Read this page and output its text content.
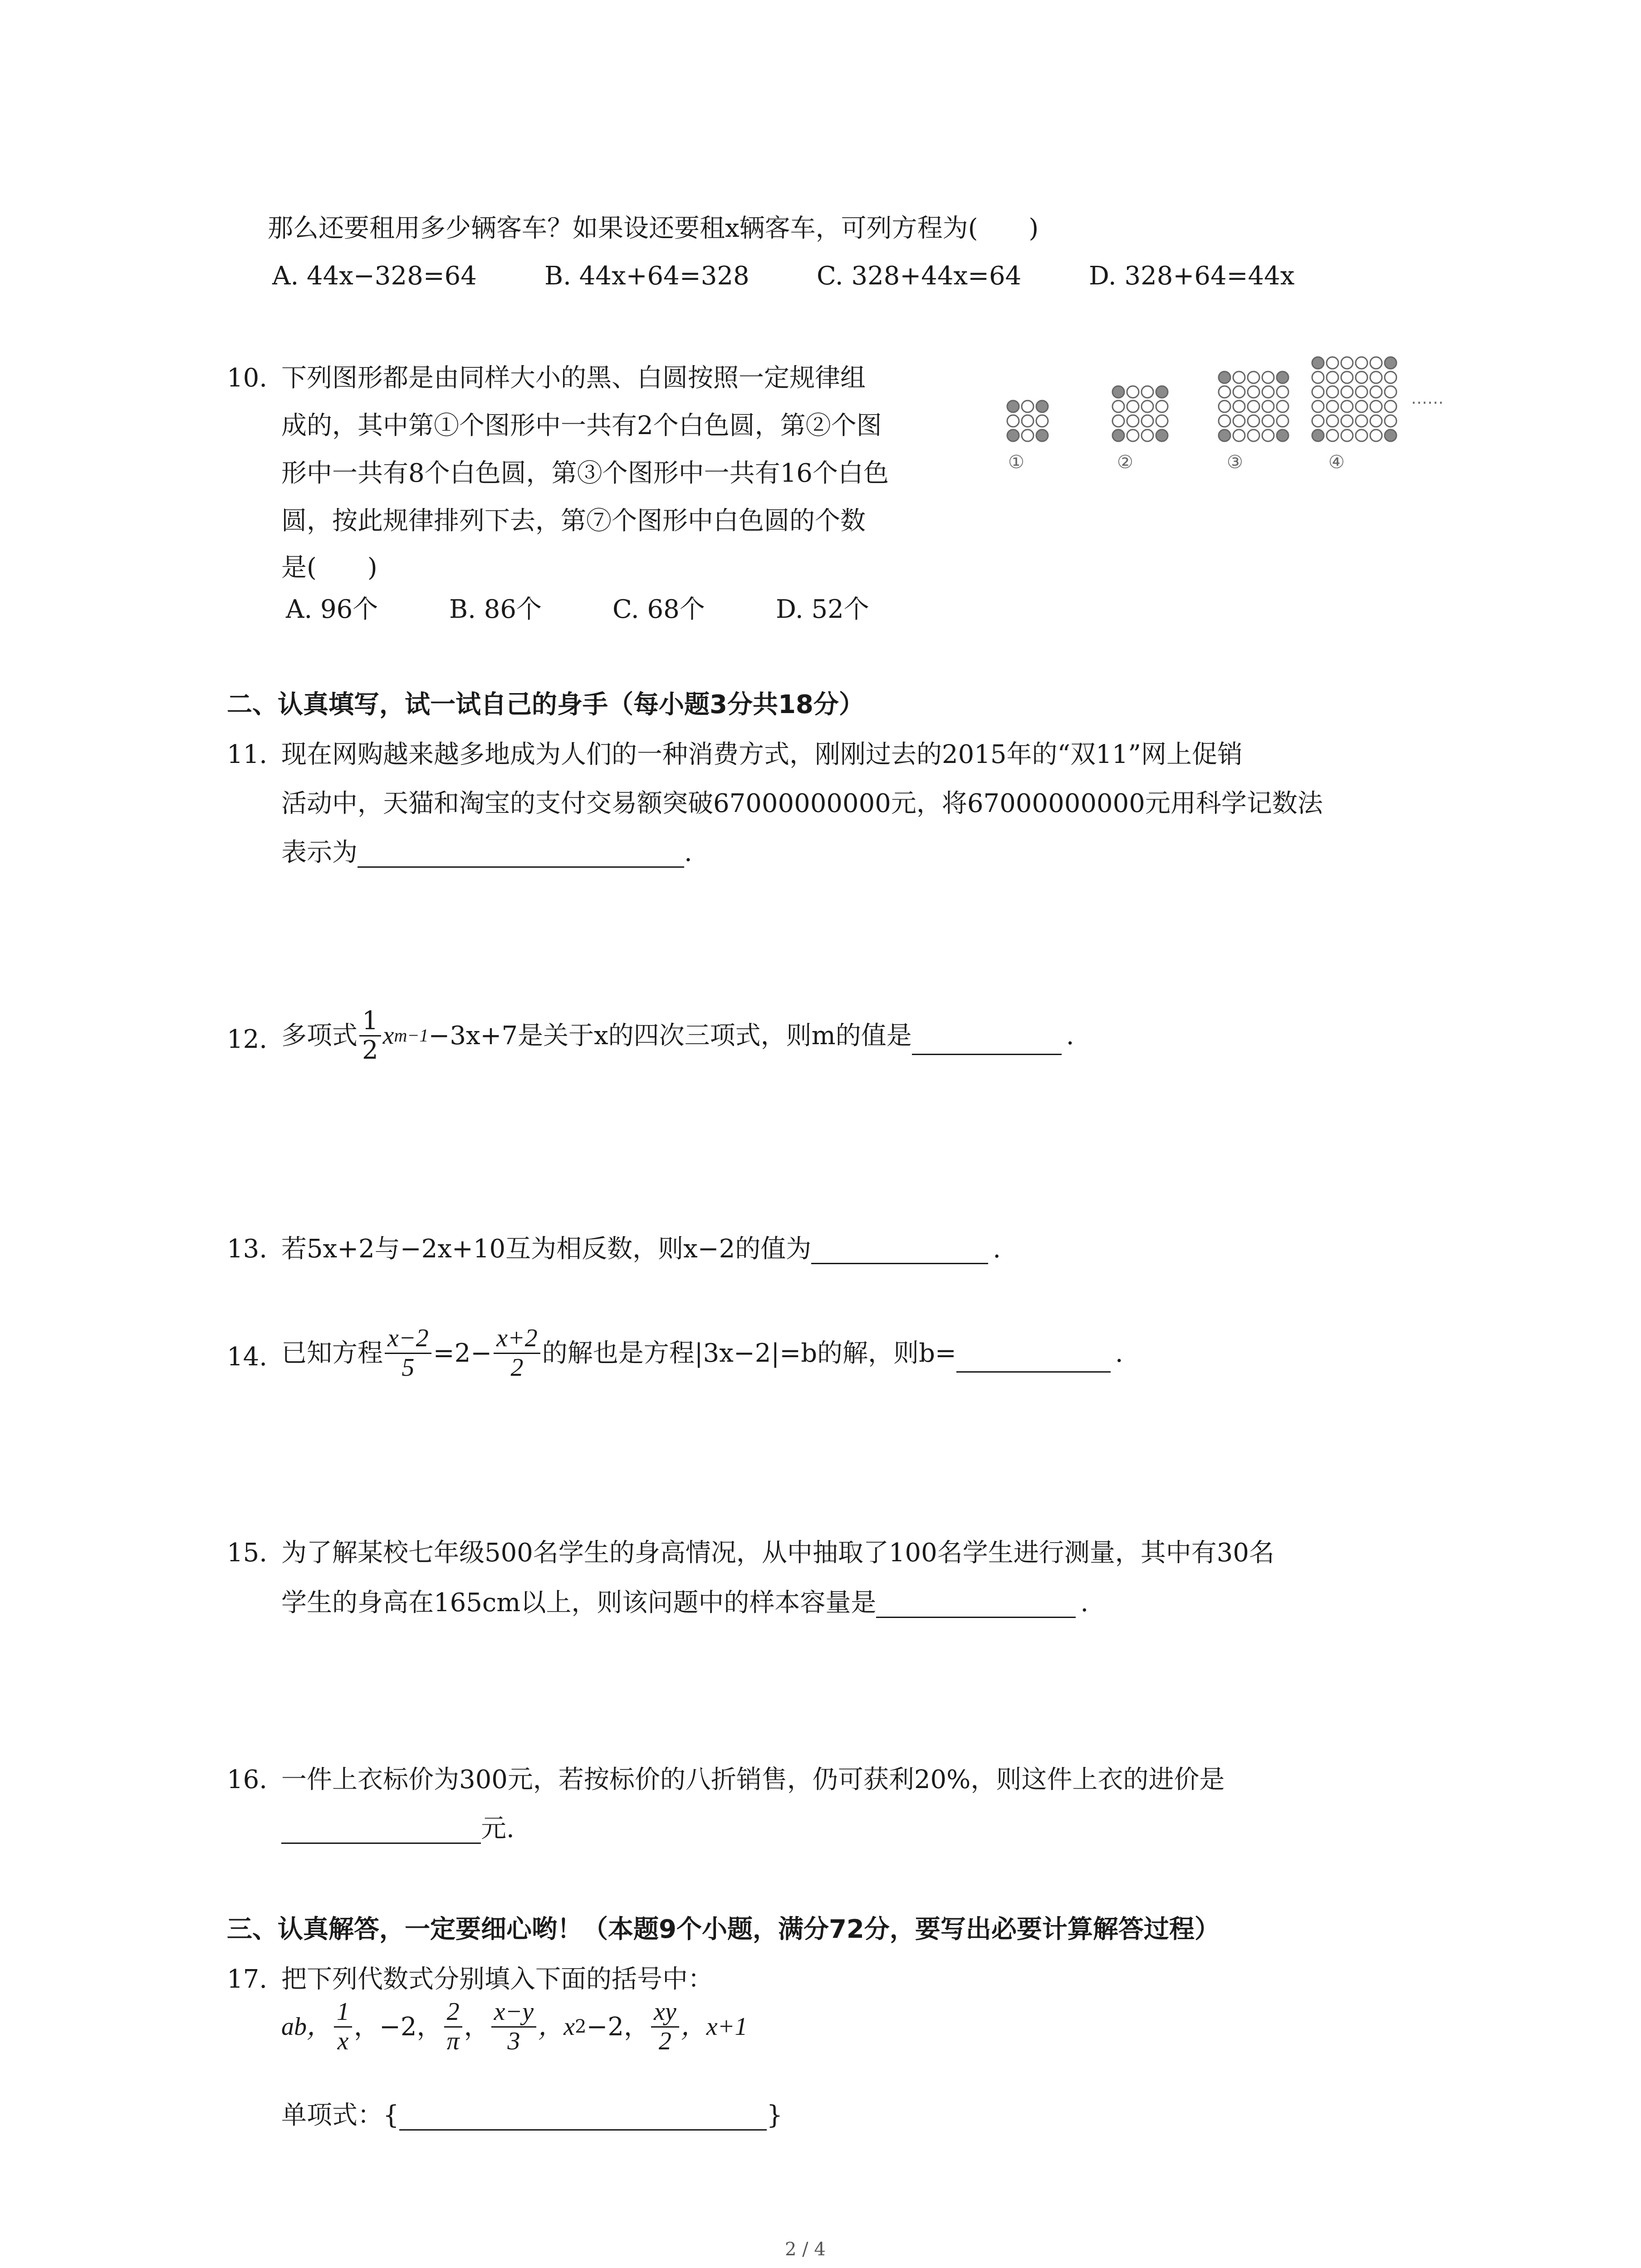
那么还要租用多少辆客车？如果设还要租x辆客车，可列方程为(　　)
A. 44x−328=64	B. 44x+64=328	C. 328+44x=64	D. 328+64=44x
10. 下列图形都是由同样大小的黑、白圆按照一定规律组
成的，其中第①个图形中一共有2个白色圆，第②个图
形中一共有8个白色圆，第③个图形中一共有16个白色
圆，按此规律排列下去，第⑦个图形中白色圆的个数
是(　　)
A. 96个	B. 86个	C. 68个	D. 52个
①	②	③	④
……
二、认真填写，试一试自己的身手（每小题3分共18分）
11. 现在网购越来越多地成为人们的一种消费方式，刚刚过去的2015年的“双11”网上促销
活动中，天猫和淘宝的支付交易额突破67000000000元，将67000000000元用科学记数法
表示为	.
12. 多项式 $\frac{1}{2}$ x m−1 −3x+7是关于x的四次三项式，则m的值是	.
13. 若5x+2与−2x+10互为相反数，则x−2的值为	.
14. 已知方程 $\frac{x-2}{5} =2- \frac{x+2}{2}$ 的解也是方程|3x−2|=b的解，则b=	.
15. 为了解某校七年级500名学生的身高情况，从中抽取了100名学生进行测量，其中有30名
学生的身高在165cm以上，则该问题中的样本容量是	.
16. 一件上衣标价为300元，若按标价的八折销售，仍可获利20%，则这件上衣的进价是
元.
三、认真解答，一定要细心哟！（本题9个小题，满分72分，要写出必要计算解答过程）
17. 把下列代数式分别填入下面的括号中：
ab， $\frac{1}{x}$ ，−2， $\frac{2}{\pi}$ ， $\frac{x-y}{3}$ ，x 2 −2， $\frac{xy}{2}$ ，x+1
单项式：{	}
2 / 4
